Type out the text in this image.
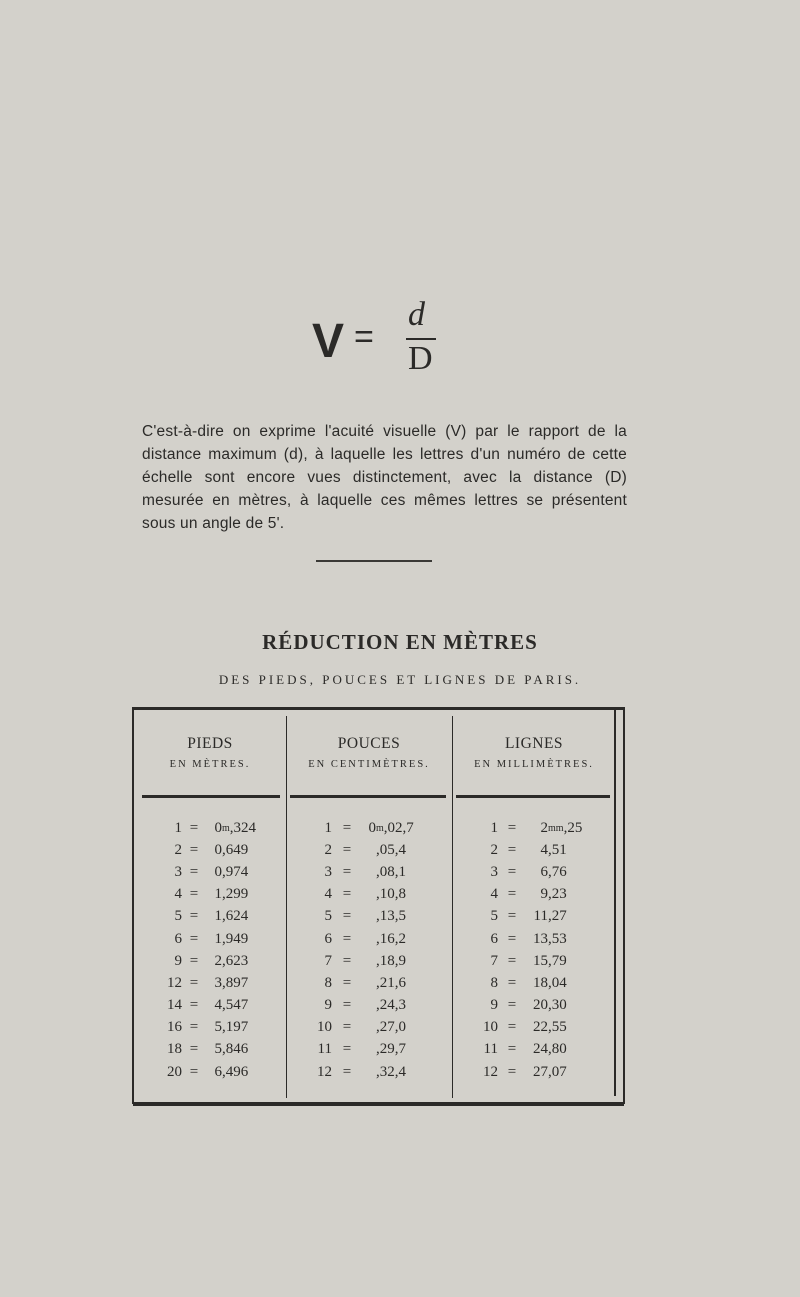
V =
d
D

C'est-à-dire on exprime l'acuité visuelle (V) par le rapport de la distance maximum (d), à laquelle les lettres d'un numéro de cette échelle sont encore vues distinctement, avec la distance (D) mesurée en mètres, à laquelle ces mêmes lettres se présentent sous un angle de 5'.

RÉDUCTION EN MÈTRES
DES PIEDS, POUCES ET LIGNES DE PARIS.
PIEDS
EN MÈTRES.
POUCES
EN CENTIMÈTRES.
LIGNES
EN MILLIMÈTRES.
1 =	0 m ,324
2 =	0 ,649
3 =	0 ,974
4 =	1 ,299
5 =	1 ,624
6 =	1 ,949
9 =	2 ,623
12 =	3 ,897
14 =	4 ,547
16 =	5 ,197
18 =	5 ,846
20 =	6 ,496
1 =	0 m ,02,7
2 =	,05,4
3 =	,08,1
4 =	,10,8
5 =	,13,5
6 =	,16,2
7 =	,18,9
8 =	,21,6
9 =	,24,3
10 =	,27,0
11 =	,29,7
12 =	,32,4
1 =	2 mm ,25
2 =	4 ,51
3 =	6 ,76
4 =	9 ,23
5 =	11 ,27
6 =	13 ,53
7 =	15 ,79
8 =	18 ,04
9 =	20 ,30
10 =	22 ,55
11 =	24 ,80
12 =	27 ,07
